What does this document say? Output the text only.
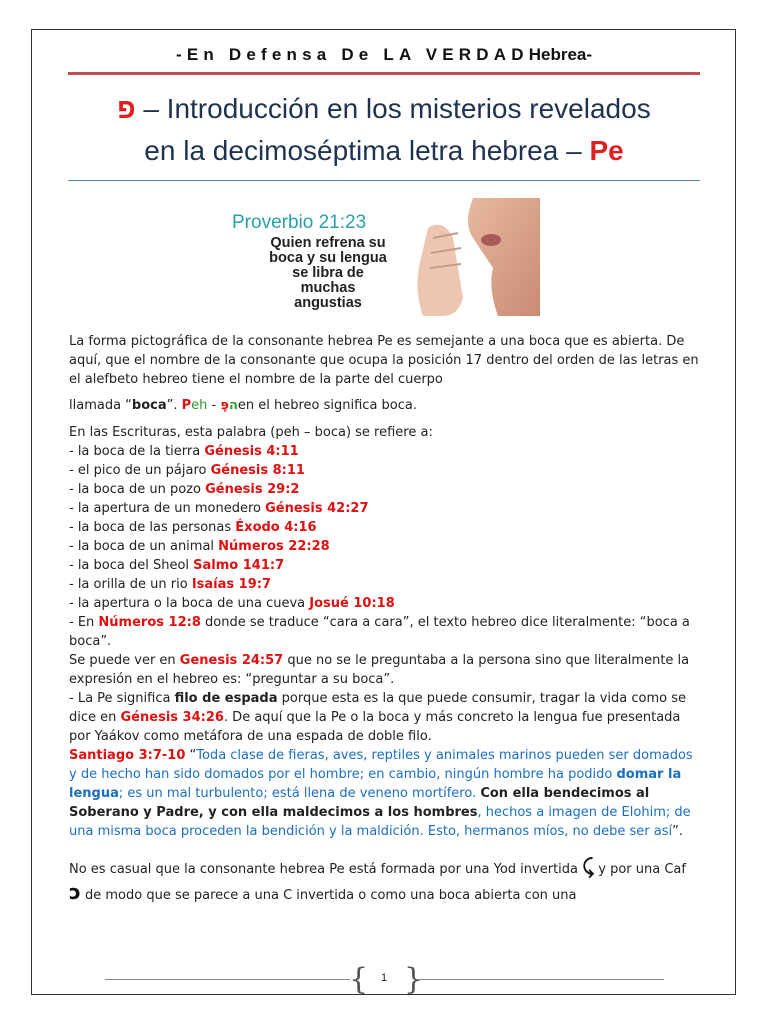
-En Defensa De LA VERDADHebrea-
פ – Introducción en los misterios revelados
en la decimoséptima letra hebrea – Pe
Proverbio 21:23
Quien refrena su
boca y su lengua
se libra de
muchas
angustias

La forma pictográfica de la consonante hebrea Pe es semejante a una boca que es abierta. De aquí, que el nombre de la consonante que ocupa la posición 17 dentro del orden de las letras en el alefbeto hebreo tiene el nombre de la parte del cuerpo

llamada “boca”. Peh - הפֶּ en el hebreo significa boca.

En las Escrituras, esta palabra (peh – boca) se refiere a:

- la boca de la tierra Génesis 4:11

- el pico de un pájaro Génesis 8:11

- la boca de un pozo Génesis 29:2

- la apertura de un monedero Génesis 42:27

- la boca de las personas Éxodo 4:16

- la boca de un animal Números 22:28

- la boca del Sheol Salmo 141:7

- la orilla de un rio Isaías 19:7

- la apertura o la boca de una cueva Josué 10:18

- En Números 12:8 donde se traduce “cara a cara”, el texto hebreo dice literalmente: “boca a boca”.

Se puede ver en Genesis 24:57 que no se le preguntaba a la persona sino que literalmente la expresión en el hebreo es: “preguntar a su boca”.

- La Pe significa filo de espada porque esta es la que puede consumir, tragar la vida como se dice en Génesis 34:26. De aquí que la Pe o la boca y más concreto la lengua fue presentada por Yaákov como metáfora de una espada de doble filo.

Santiago 3:7-10 “Toda clase de fieras, aves, reptiles y animales marinos pueden ser domados y de hecho han sido domados por el hombre; en cambio, ningún hombre ha podido domar la lengua; es un mal turbulento; está llena de veneno mortífero. Con ella bendecimos al Soberano y Padre, y con ella maldecimos a los hombres, hechos a imagen de Elohim; de una misma boca proceden la bendición y la maldición. Esto, hermanos míos, no debe ser así”.

No es casual que la consonante hebrea Pe está formada por una Yod invertida ⤹ y por una Caf ɔ de modo que se parece a una C invertida o como una boca abierta con una

{ }
1
